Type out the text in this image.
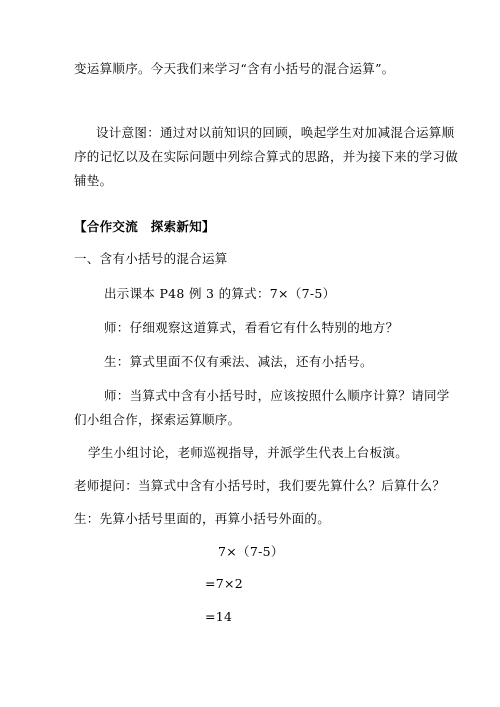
变运算顺序。今天我们来学习“含有小括号的混合运算”。
设计意图：通过对以前知识的回顾，唤起学生对加减混合运算顺
序的记忆以及在实际问题中列综合算式的思路，并为接下来的学习做
铺垫。
【合作交流　探索新知】
一、含有小括号的混合运算
出示课本 P48 例 3 的算式：7×（7-5）
师：仔细观察这道算式，看看它有什么特别的地方？
生：算式里面不仅有乘法、减法，还有小括号。
师：当算式中含有小括号时，应该按照什么顺序计算？请同学
们小组合作，探索运算顺序。
学生小组讨论，老师巡视指导，并派学生代表上台板演。
老师提问：当算式中含有小括号时，我们要先算什么？后算什么？
生：先算小括号里面的，再算小括号外面的。
7×（7-5）
=7×2
=14
